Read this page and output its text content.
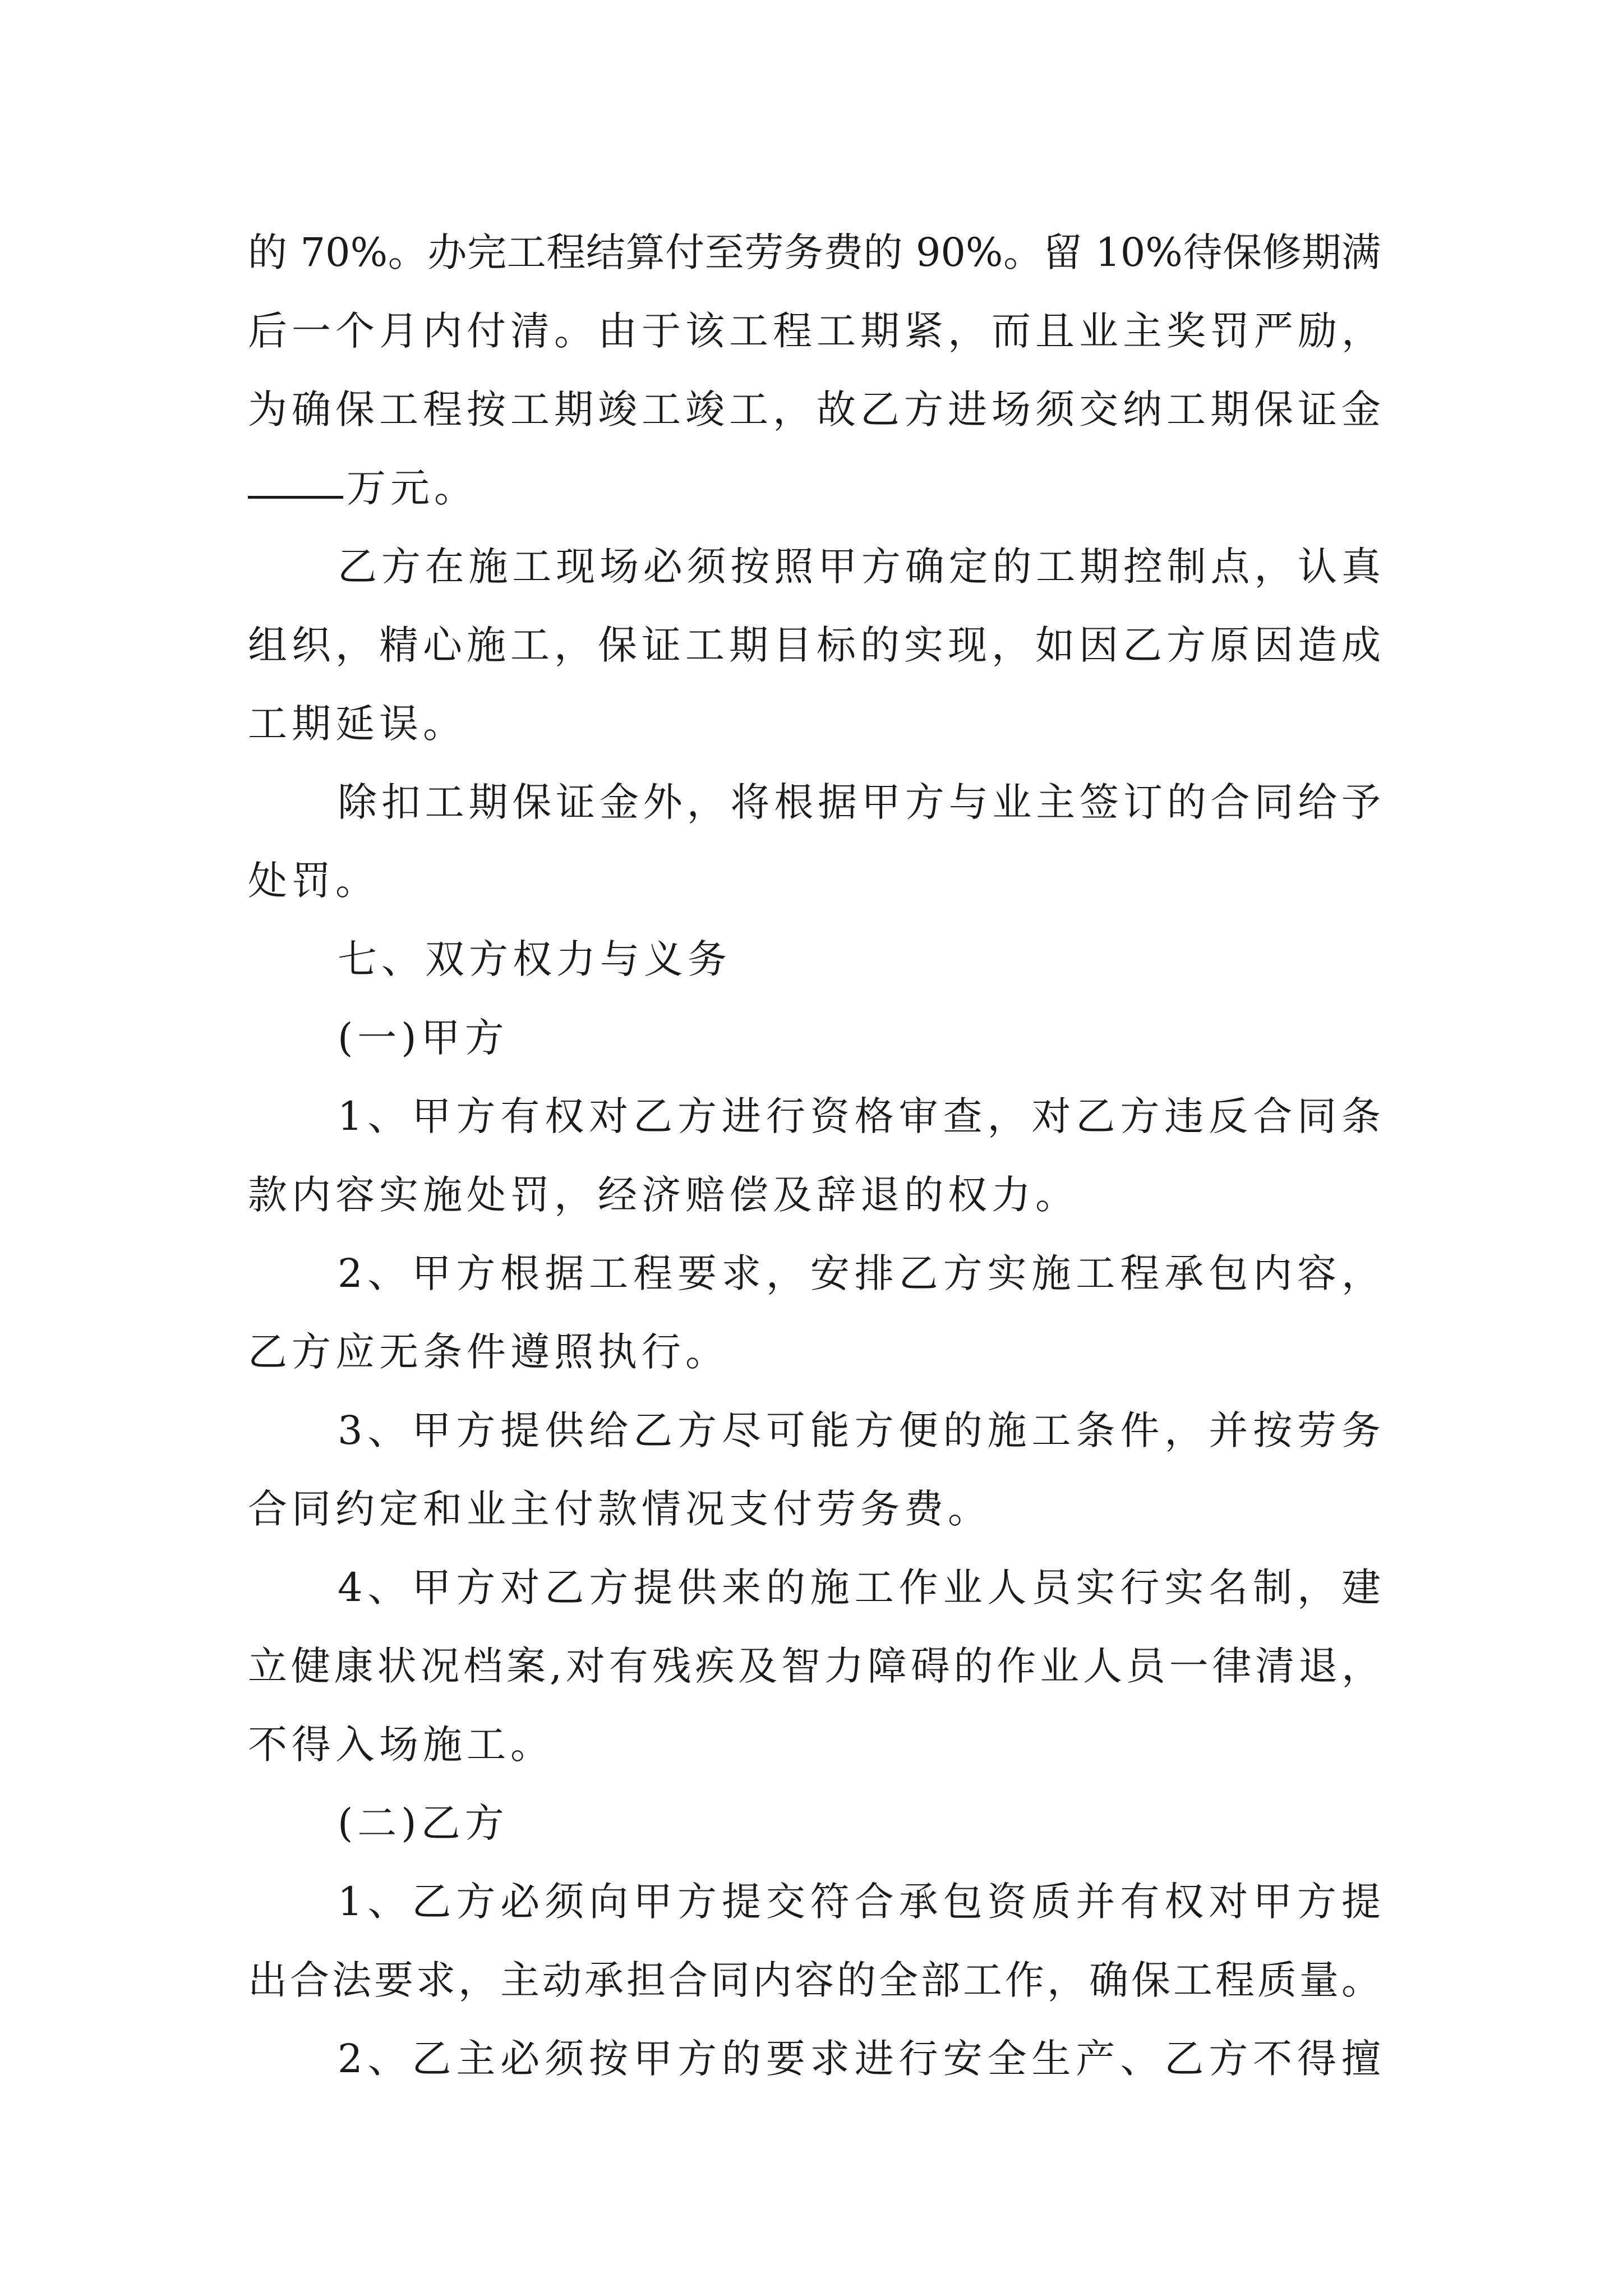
的 70%。办完工程结算付至劳务费的 90%。留 10%待保修期满
后一个月内付清。由于该工程工期紧，而且业主奖罚严励，
为确保工程按工期竣工竣工，故乙方进场须交纳工期保证金
万元。
乙方在施工现场必须按照甲方确定的工期控制点，认真
组织，精心施工，保证工期目标的实现，如因乙方原因造成
工期延误。
除扣工期保证金外，将根据甲方与业主签订的合同给予
处罚。
七、双方权力与义务
(一)甲方
1、甲方有权对乙方进行资格审查，对乙方违反合同条
款内容实施处罚，经济赔偿及辞退的权力。
2、甲方根据工程要求，安排乙方实施工程承包内容，
乙方应无条件遵照执行。
3、甲方提供给乙方尽可能方便的施工条件，并按劳务
合同约定和业主付款情况支付劳务费。
4、甲方对乙方提供来的施工作业人员实行实名制，建
立健康状况档案,对有残疾及智力障碍的作业人员一律清退，
不得入场施工。
(二)乙方
1、乙方必须向甲方提交符合承包资质并有权对甲方提
出合法要求，主动承担合同内容的全部工作，确保工程质量。
2、乙主必须按甲方的要求进行安全生产、乙方不得擅
